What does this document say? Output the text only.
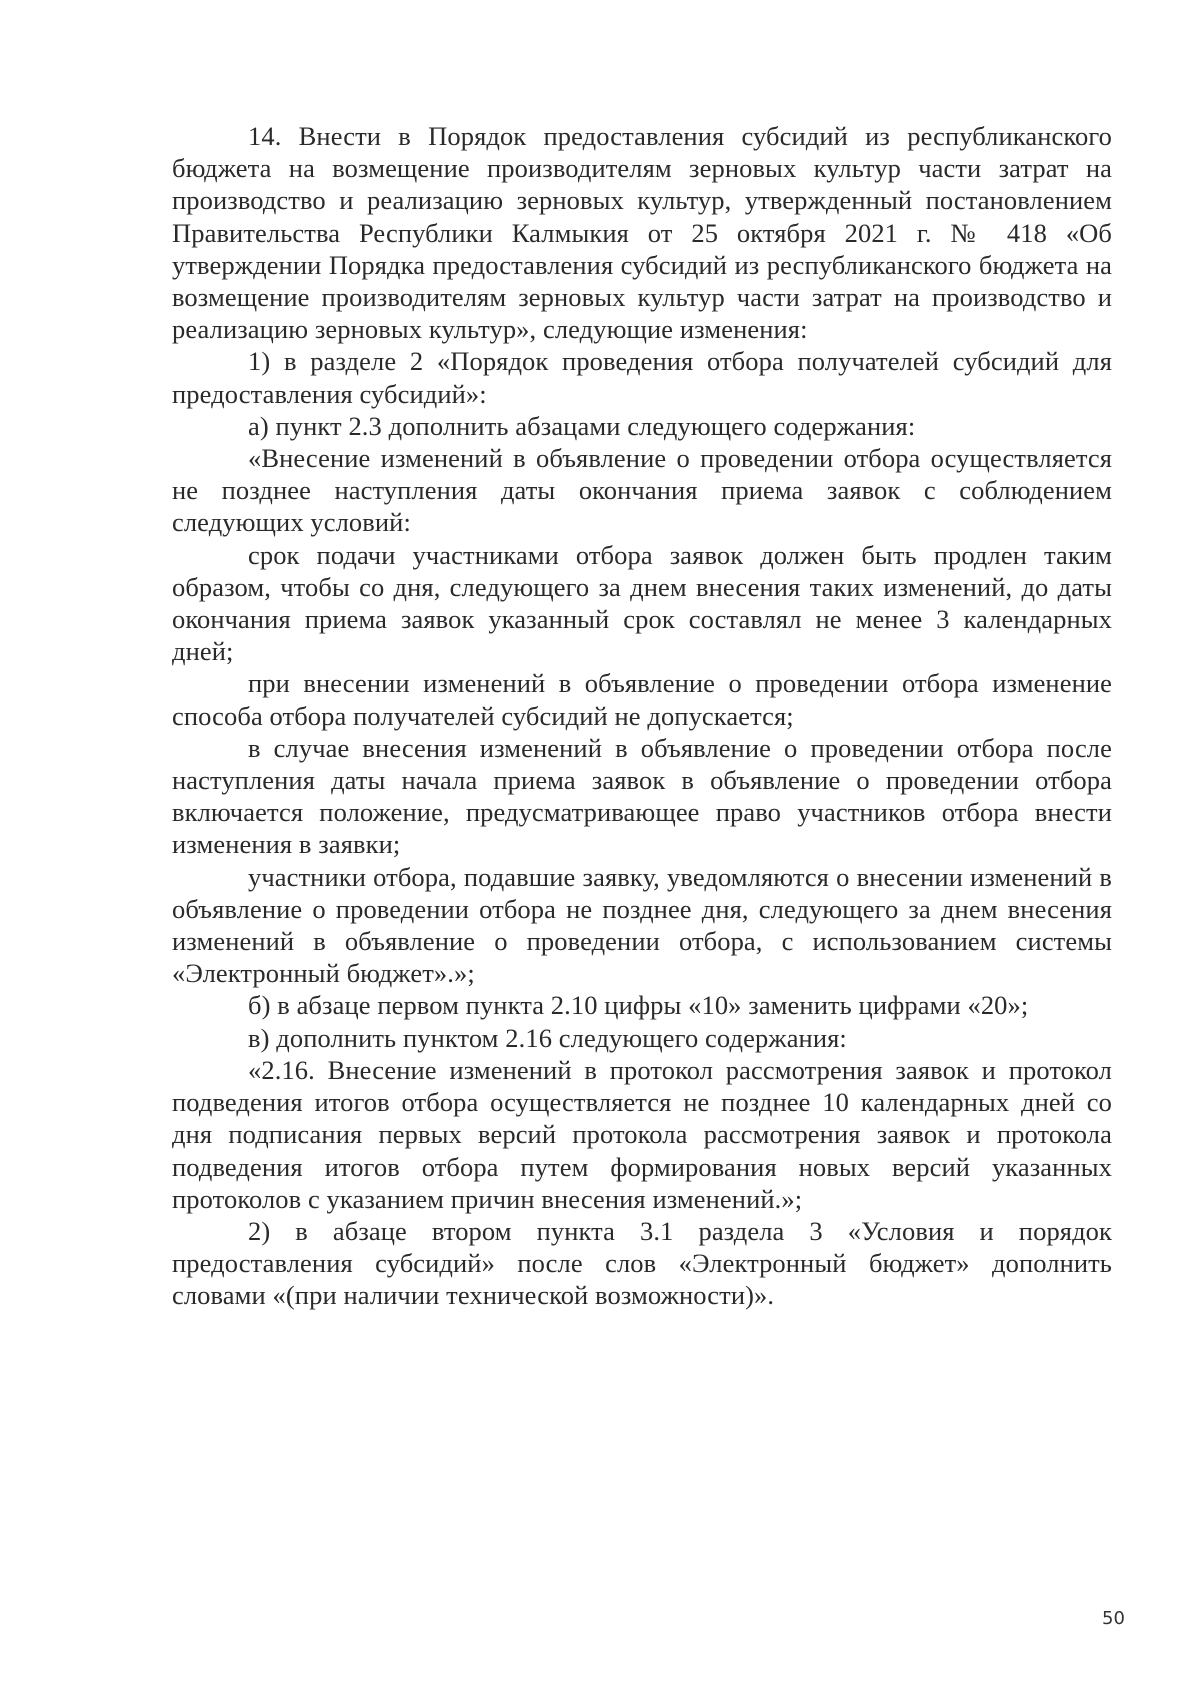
14. Внести в Порядок предоставления субсидий из республиканского бюджета на возмещение производителям зерновых культур части затрат на производство и реализацию зерновых культур, утвержденный постановлением Правительства Республики Калмыкия от 25 октября 2021 г. № 418 «Об утверждении Порядка предоставления субсидий из республиканского бюджета на возмещение производителям зерновых культур части затрат на производство и реализацию зерновых культур», следующие изменения:

1) в разделе 2 «Порядок проведения отбора получателей субсидий для предоставления субсидий»:

а) пункт 2.3 дополнить абзацами следующего содержания:

«Внесение изменений в объявление о проведении отбора осуществляется не позднее наступления даты окончания приема заявок с соблюдением следующих условий:

срок подачи участниками отбора заявок должен быть продлен таким образом, чтобы со дня, следующего за днем внесения таких изменений, до даты окончания приема заявок указанный срок составлял не менее 3 календарных дней;

при внесении изменений в объявление о проведении отбора изменение способа отбора получателей субсидий не допускается;

в случае внесения изменений в объявление о проведении отбора после наступления даты начала приема заявок в объявление о проведении отбора включается положение, предусматривающее право участников отбора внести изменения в заявки;

участники отбора, подавшие заявку, уведомляются о внесении изменений в объявление о проведении отбора не позднее дня, следующего за днем внесения изменений в объявление о проведении отбора, с использованием системы «Электронный бюджет».»;

б) в абзаце первом пункта 2.10 цифры «10» заменить цифрами «20»;

в) дополнить пунктом 2.16 следующего содержания:

«2.16. Внесение изменений в протокол рассмотрения заявок и протокол подведения итогов отбора осуществляется не позднее 10 календарных дней со дня подписания первых версий протокола рассмотрения заявок и протокола подведения итогов отбора путем формирования новых версий указанных протоколов с указанием причин внесения изменений.»;

2) в абзаце втором пункта 3.1 раздела 3 «Условия и порядок предоставления субсидий» после слов «Электронный бюджет» дополнить словами «(при наличии технической возможности)».

50
